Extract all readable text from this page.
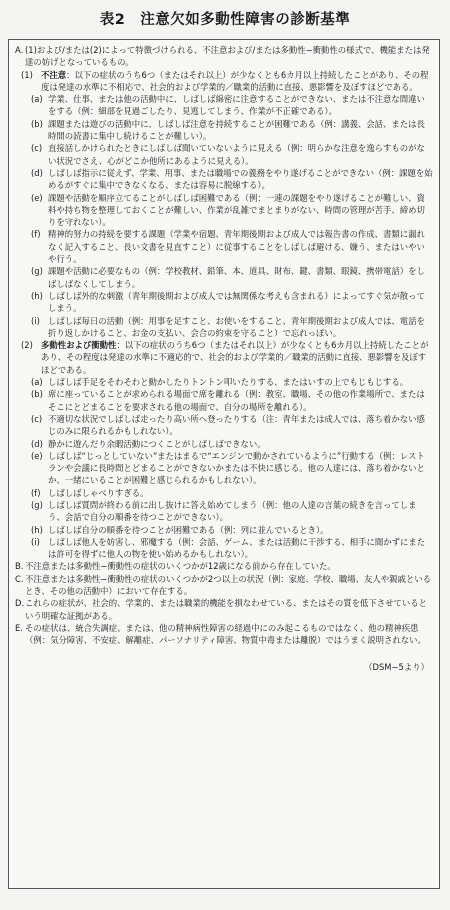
表2　注意欠如多動性障害の診断基準
A. (1)および/または(2)によって特徴づけられる、不注意および/または多動性−衝動性の様式で、機能または発達の妨げとなっているもの。
(1) 不注意：以下の症状のうち6つ（またはそれ以上）が少なくとも6カ月以上持続したことがあり、その程度は発達の水準に不相応で、社会的および学業的／職業的活動に直接、悪影響を及ぼすほどである。
(a) 学業、仕事、または他の活動中に、しばしば綿密に注意することができない、または不注意な間違いをする（例：細部を見過ごしたり、見逃してしまう、作業が不正確である）。
(b) 課題または遊びの活動中に、しばしば注意を持続することが困難である（例：講義、会話、または長時間の読書に集中し続けることが難しい）。
(c) 直接話しかけられたときにしばしば聞いていないように見える（例：明らかな注意を逸らすものがない状況でさえ、心がどこか他所にあるように見える）。
(d) しばしば指示に従えず、学業、用事、または職場での義務をやり遂げることができない（例：課題を始めるがすぐに集中できなくなる、または容易に脱線する）。
(e) 課題や活動を順序立てることがしばしば困難である（例：一連の課題をやり遂げることが難しい、資料や持ち物を整理しておくことが難しい、作業が乱雑でまとまりがない、時間の管理が苦手、締め切りを守れない）。
(f) 精神的努力の持続を要する課題（学業や宿題、青年期後期および成人では報告書の作成、書類に漏れなく記入すること、長い文書を見直すこと）に従事することをしばしば避ける、嫌う、またはいやいや行う。
(g) 課題や活動に必要なもの（例：学校教材、鉛筆、本、道具、財布、鍵、書類、眼鏡、携帯電話）をしばしばなくしてしまう。
(h) しばしば外的な刺激（青年期後期および成人では無関係な考えも含まれる）によってすぐ気が散ってしまう。
(i) しばしば毎日の活動（例：用事を足すこと、お使いをすること、青年期後期および成人では、電話を折り返しかけること、お金の支払い、会合の約束を守ること）で忘れっぽい。
(2) 多動性および衝動性：以下の症状のうち6つ（またはそれ以上）が少なくとも6カ月以上持続したことがあり、その程度は発達の水準に不適応的で、社会的および学業的／職業的活動に直接、悪影響を及ぼすほどである。
(a) しばしば手足をそわそわと動かしたりトントン叩いたりする、またはいすの上でもじもじする。
(b) 席に座っていることが求められる場面で席を離れる（例：教室、職場、その他の作業場所で、またはそこにとどまることを要求される他の場面で、自分の場所を離れる）。
(c) 不適切な状況でしばしば走ったり高い所へ登ったりする（注：青年または成人では、落ち着かない感じのみに限られるかもしれない）。
(d) 静かに遊んだり余暇活動につくことがしばしばできない。
(e) しばしば“じっとしていない”またはまるで“エンジンで動かされているように”行動する（例：レストランや会議に長時間とどまることができないかまたは不快に感じる。他の人達には、落ち着かないとか、一緒にいることが困難と感じられるかもしれない）。
(f) しばしばしゃべりすぎる。
(g) しばしば質問が終わる前に出し抜けに答え始めてしまう（例：他の人達の言葉の続きを言ってしまう、会話で自分の順番を待つことができない）。
(h) しばしば自分の順番を待つことが困難である（例：列に並んでいるとき）。
(i) しばしば他人を妨害し、邪魔する（例：会話、ゲーム、または活動に干渉する、相手に聞かずにまたは許可を得ずに他人の物を使い始めるかもしれない）。
B. 不注意または多動性−衝動性の症状のいくつかが12歳になる前から存在していた。
C. 不注意または多動性−衝動性の症状のいくつかが2つ以上の状況（例：家庭、学校、職場、友人や親戚といるとき、その他の活動中）において存在する。
D. これらの症状が、社会的、学業的、または職業的機能を損なわせている、またはその質を低下させているという明確な証拠がある。
E. その症状は、統合失調症、または、他の精神病性障害の経過中にのみ起こるものではなく、他の精神疾患（例：気分障害、不安症、解離症、パーソナリティ障害、物質中毒または離脱）ではうまく説明されない。
（DSM−5より）
